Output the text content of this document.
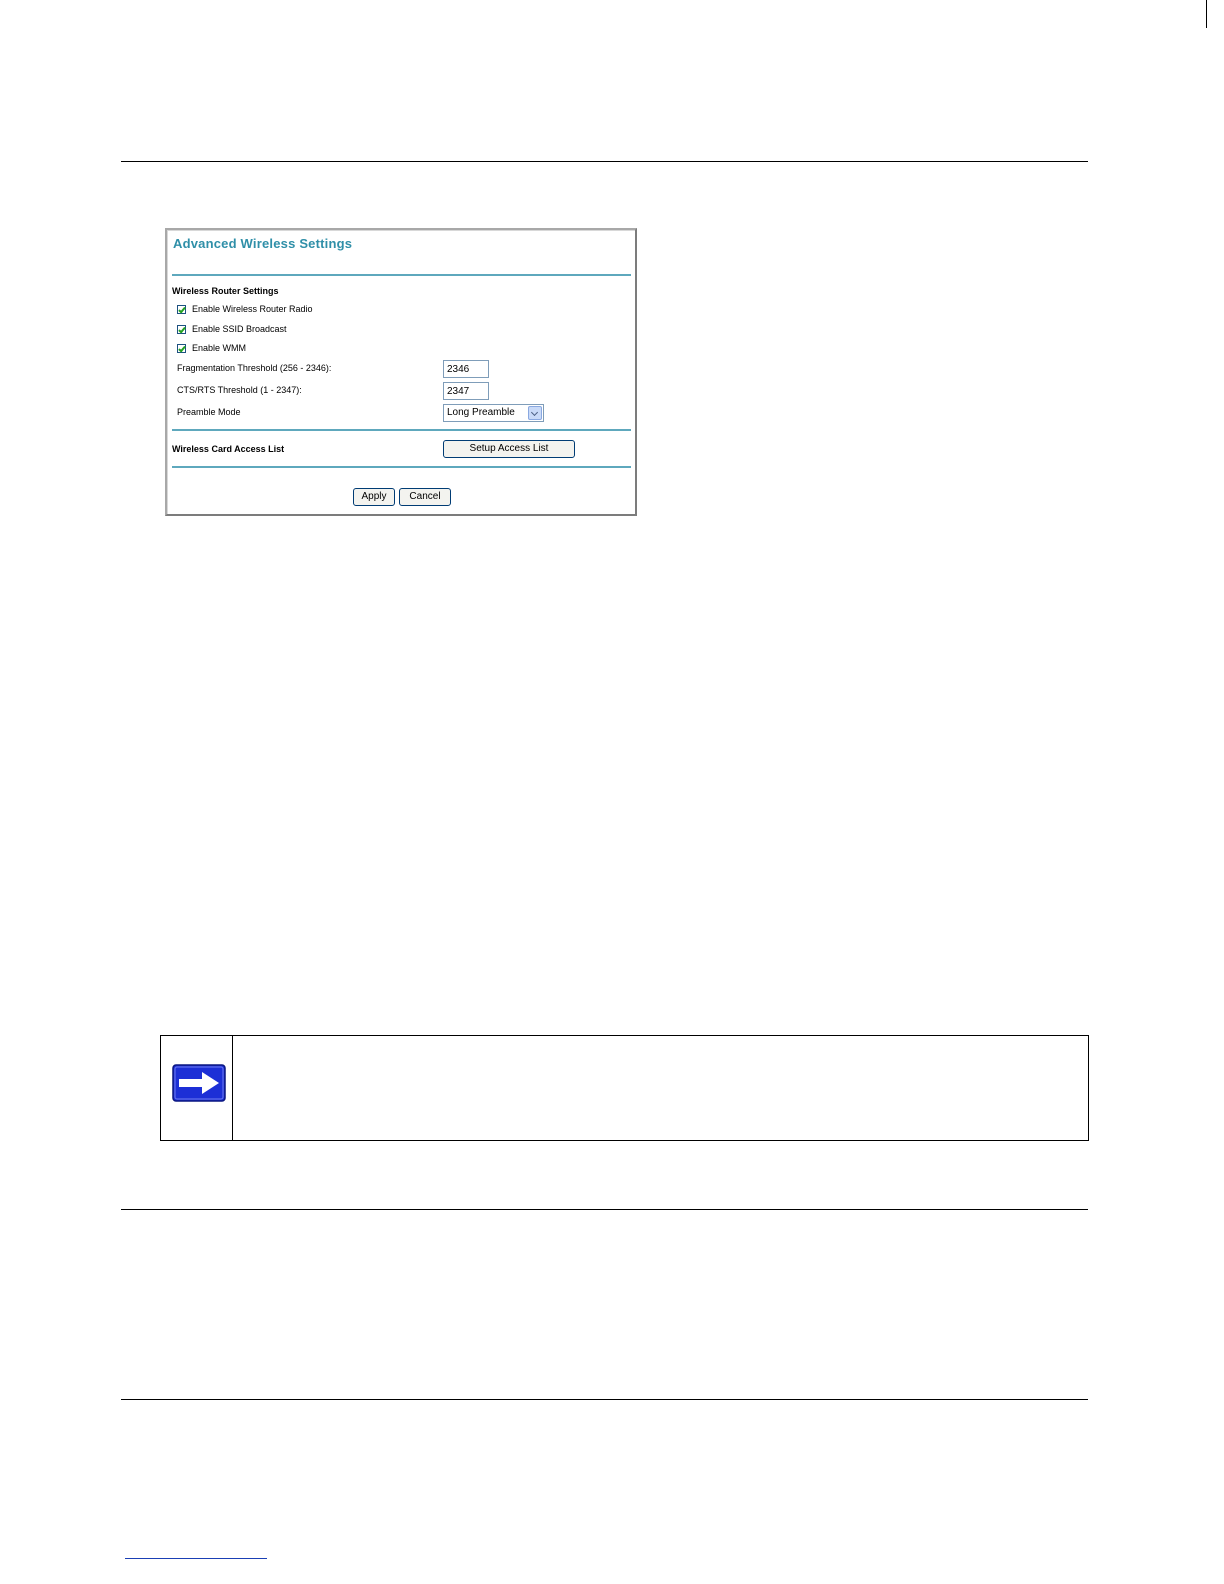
Advanced Wireless Settings
Wireless Router Settings
Enable Wireless Router Radio
Enable SSID Broadcast
Enable WMM
Fragmentation Threshold (256 - 2346):
2346
CTS/RTS Threshold (1 - 2347):
2347
Preamble Mode	Long Preamble
Wireless Card Access List	Setup Access List
Apply	Cancel
